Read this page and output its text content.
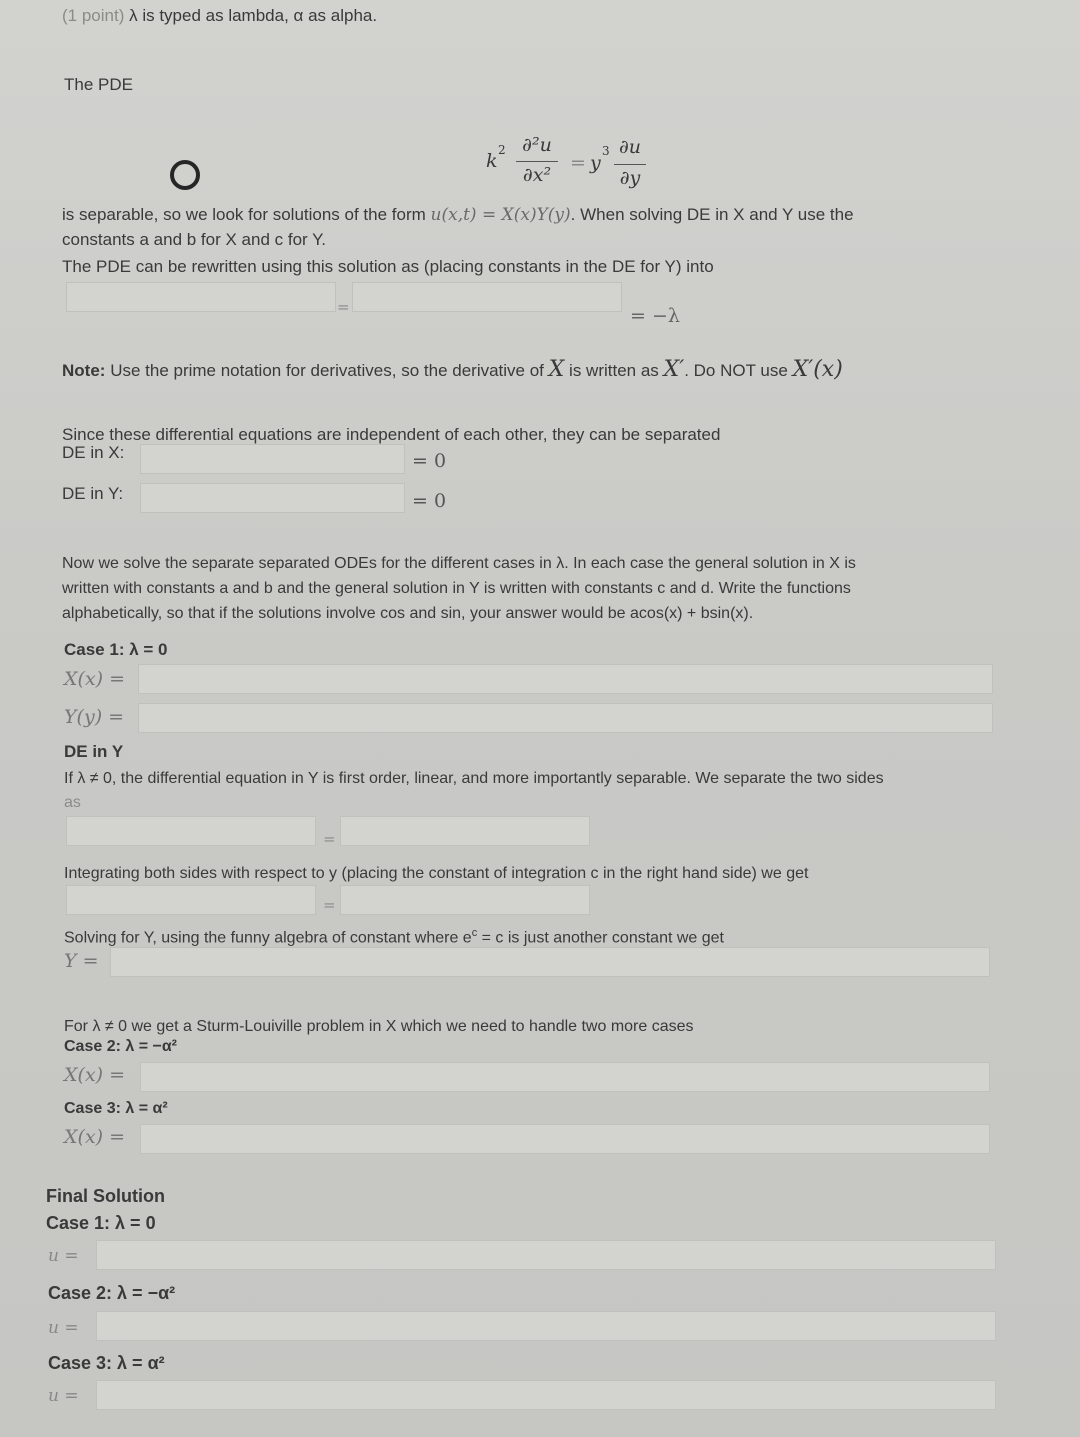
(1 point) λ is typed as lambda, α as alpha.
The PDE
k 2 ∂²u
∂x²
= y
3 ∂u
∂y
is separable, so we look for solutions of the form u(x,t) = X(x)Y(y). When solving DE in X and Y use the
constants a and b for X and c for Y.
The PDE can be rewritten using this solution as (placing constants in the DE for Y) into
=	= −λ
Note: Use the prime notation for derivatives, so the derivative of X is written as X′. Do NOT use X′(x)
Since these differential equations are independent of each other, they can be separated
DE in X:	= 0
DE in Y:	= 0
Now we solve the separate separated ODEs for the different cases in λ. In each case the general solution in X is
written with constants a and b and the general solution in Y is written with constants c and d. Write the functions
alphabetically, so that if the solutions involve cos and sin, your answer would be acos(x) + bsin(x).
Case 1: λ = 0
X(x) =
Y(y) =
DE in Y
If λ ≠ 0, the differential equation in Y is first order, linear, and more importantly separable. We separate the two sides
as
=
Integrating both sides with respect to y (placing the constant of integration c in the right hand side) we get
=
Solving for Y, using the funny algebra of constant where $e^c = c$ is just another constant we get
Y =
For λ ≠ 0 we get a Sturm-Louiville problem in X which we need to handle two more cases
Case 2: λ = −α²
X(x) =
Case 3: λ = α²
X(x) =
Final Solution
Case 1: λ = 0
u =
Case 2: λ = −α²
u =
Case 3: λ = α²
u =
